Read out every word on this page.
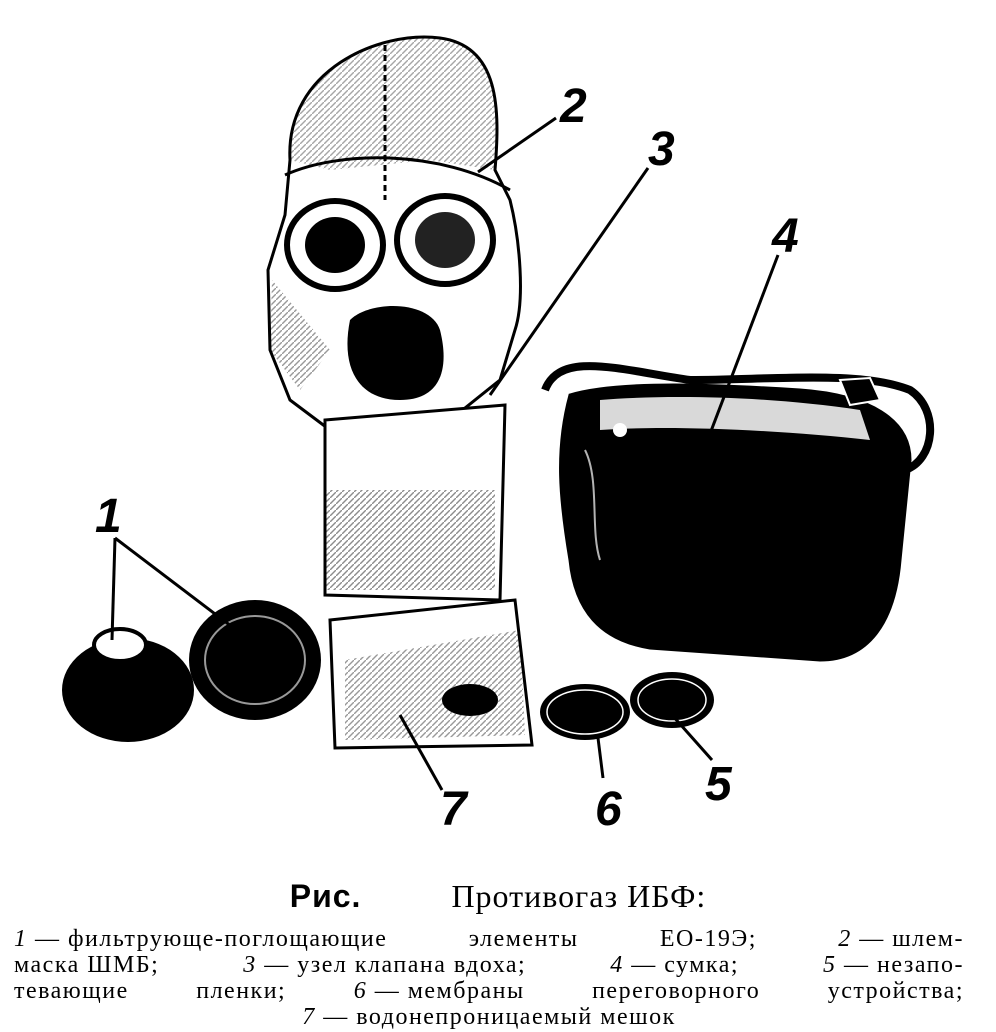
2
3
4
1
7	6 5
Рис.	Противогаз ИБФ:
1 — фильтрующе-поглощающие	элементы	ЕО-19Э;	2 — шлем-
маска ШМБ;	3 — узел клапана вдоха;	4 — сумка;	5 — незапо-
тевающие	пленки;	6 — мембраны	переговорного	устройства;
7 — водонепроницаемый мешок
